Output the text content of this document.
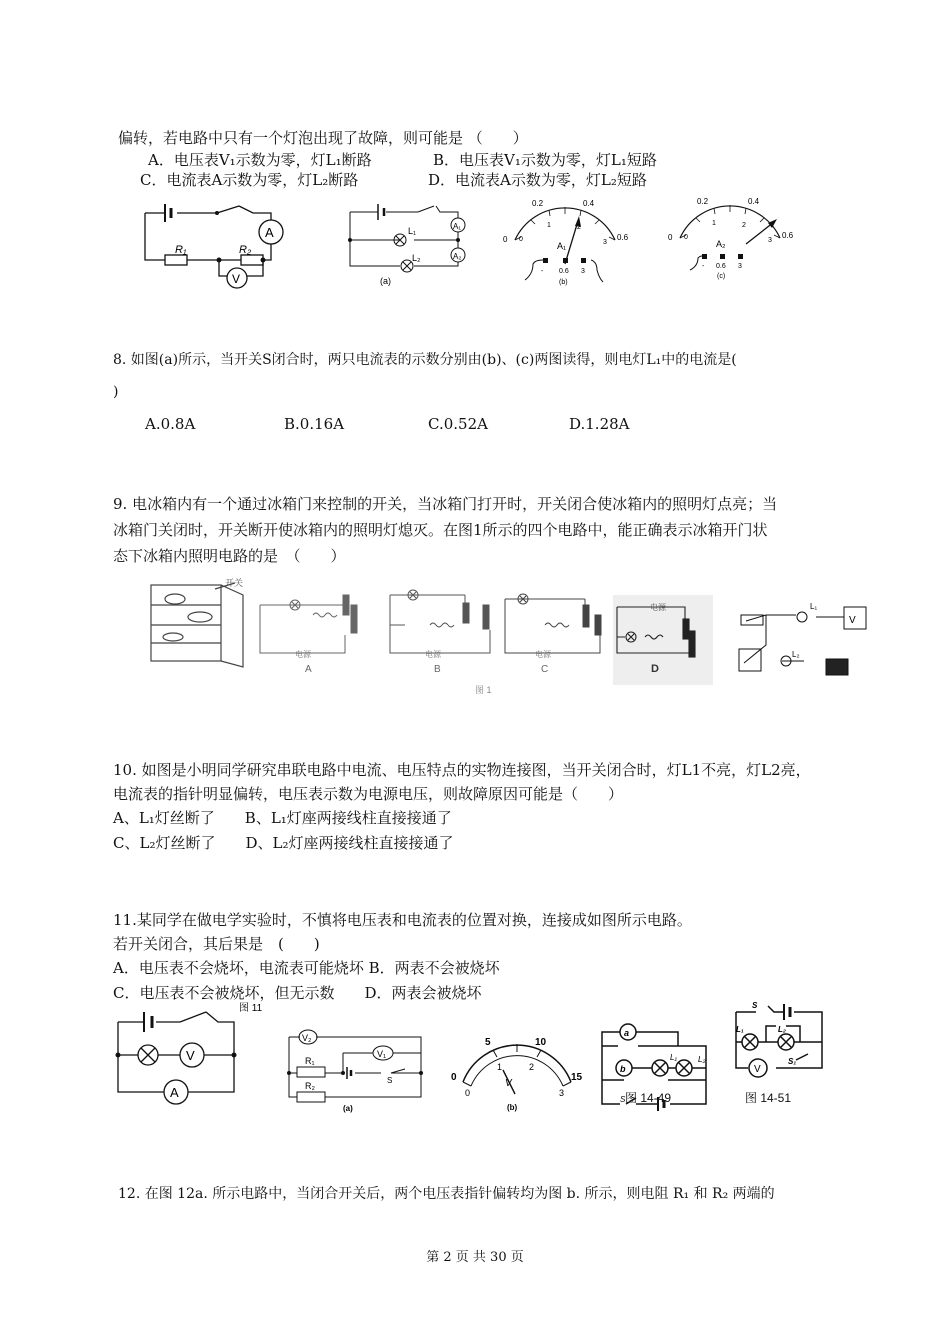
偏转，若电路中只有一个灯泡出现了故障，则可能是 （　　）
A．电压表V₁示数为零，灯L₁断路	B．电压表V₁示数为零，灯L₁短路
C．电流表A示数为零，灯L₂断路	D．电流表A示数为零，灯L₂短路
A
V
R₁	R₂
A₁
A₂
L₁
L₂
(a)
0.2	0.4
0	0.6
0
1	2
3
A₁
- 0.6 3
(b)
0.2	0.4
0	0.6
0
1	2
3
A₂
- 0.6 3
(c)
8. 如图(a)所示，当开关S闭合时，两只电流表的示数分别由(b)、(c)两图读得，则电灯L₁中的电流是(
)
A.0.8A	B.0.16A	C.0.52A	D.1.28A
9. 电冰箱内有一个通过冰箱门来控制的开关，当冰箱门打开时，开关闭合使冰箱内的照明灯点亮；当
冰箱门关闭时，开关断开使冰箱内的照明灯熄灭。在图1所示的四个电路中，能正确表示冰箱开门状
态下冰箱内照明电路的是　（　　）
开关
电源
A
电源
B
电源
C
电源
D
图 1
V
L₁
L₂
10. 如图是小明同学研究串联电路中电流、电压特点的实物连接图，当开关闭合时，灯L1不亮，灯L2亮，
电流表的指针明显偏转，电压表示数为电源电压，则故障原因可能是（　　）
A、L₁灯丝断了　　B、L₁灯座两接线柱直接接通了
C、L₂灯丝断了　　D、L₂灯座两接线柱直接接通了
11.某同学在做电学实验时，不慎将电压表和电流表的位置对换，连接成如图所示电路。
若开关闭合，其后果是　(　　)
A．电压表不会烧坏，电流表可能烧坏 B．两表不会被烧坏
C．电压表不会被烧坏，但无示数　　D．两表会被烧坏
V
A
图 11
V₂
V₁
R₁
R₂
S
(a)
0
5	10
15
0
1	2
3
V
(b)
a
b
L₁	L₂
S 图 14-49
S
S₁
L₁	L₂
V
图 14-51
12. 在图 12a. 所示电路中，当闭合开关后，两个电压表指针偏转均为图 b. 所示，则电阻 R₁ 和 R₂ 两端的
第 2 页 共 30 页
